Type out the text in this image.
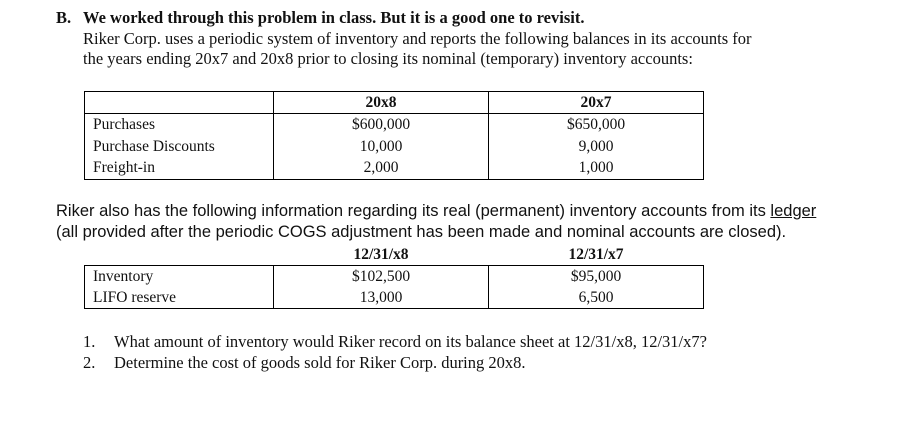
B. We worked through this problem in class. But it is a good one to revisit.
Riker Corp. uses a periodic system of inventory and reports the following balances in its accounts for
the years ending 20x7 and 20x8 prior to closing its nominal (temporary) inventory accounts:
	20x8	20x7
Purchases	$600,000	$650,000
Purchase Discounts	10,000	9,000
Freight-in	2,000	1,000
Riker also has the following information regarding its real (permanent) inventory accounts from its ledger
(all provided after the periodic COGS adjustment has been made and nominal accounts are closed).
	12/31/x8	12/31/x7
Inventory	$102,500	$95,000
LIFO reserve	13,000	6,500
1. What amount of inventory would Riker record on its balance sheet at 12/31/x8, 12/31/x7?
2. Determine the cost of goods sold for Riker Corp. during 20x8.
